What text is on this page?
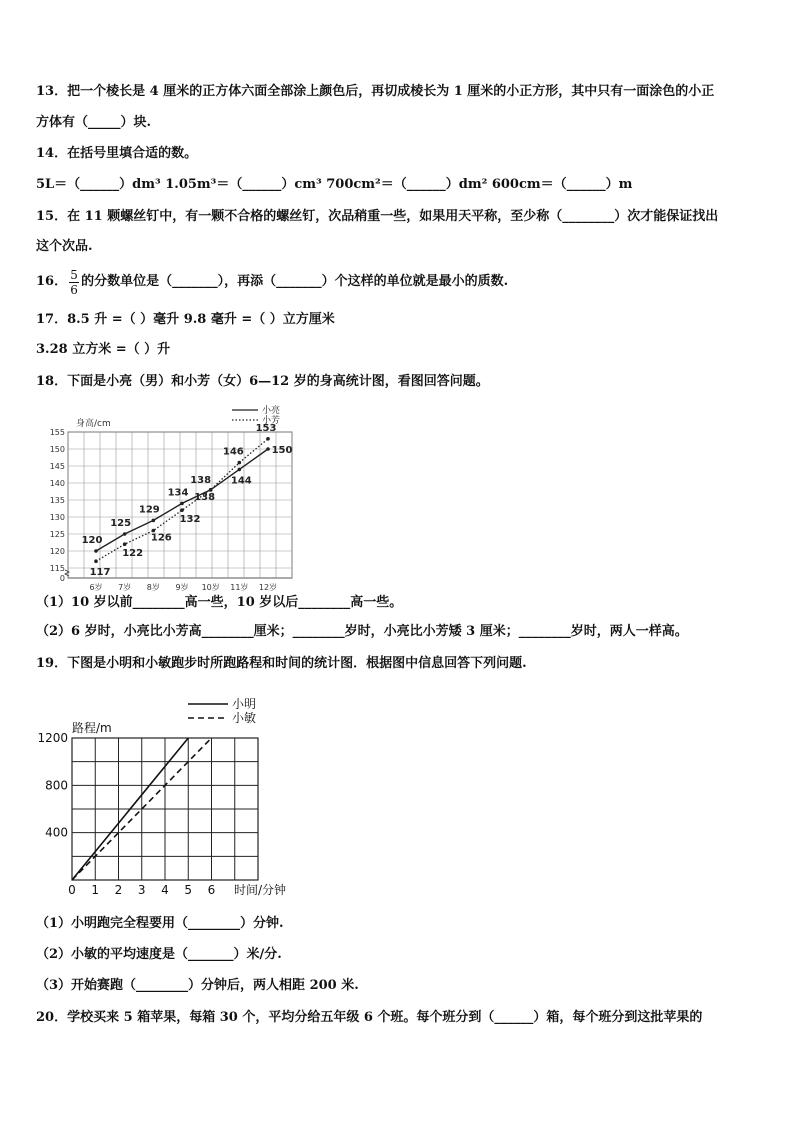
13．把一个棱长是 4 厘米的正方体六面全部涂上颜色后，再切成棱长为 1 厘米的小正方形，其中只有一面涂色的小正
方体有（_____）块.
14．在括号里填合适的数。
5L＝（______）dm³ 1.05m³＝（______）cm³ 700cm²＝（______）dm² 600cm＝（______）m
15．在 11 颗螺丝钉中，有一颗不合格的螺丝钉，次品稍重一些，如果用天平称，至少称（________）次才能保证找出
这个次品.
16． $\frac{5}{6}$ 的分数单位是（_______），再添（_______）个这样的单位就是最小的质数.
17．8.5 升 =（ ）毫升 9.8 毫升 =（ ）立方厘米
3.28 立方米 =（ ）升
18．下面是小亮（男）和小芳（女）6—12 岁的身高统计图，看图回答问题。
115
120
125
130
135
140
145
150
155
0
身高/cm
6岁 7岁 8岁 9岁 10岁 11岁 12岁
小亮
小芳
120
125
129
134
138 144
150
117
122
126
132
138
146
153
（1）10 岁以前________高一些，10 岁以后________高一些。
（2）6 岁时，小亮比小芳高________厘米；________岁时，小亮比小芳矮 3 厘米；________岁时，两人一样高。
19．下图是小明和小敏跑步时所跑路程和时间的统计图．根据图中信息回答下列问题.
0 1 2 3 4 5 6
400
800
1200
路程/m
时间/分钟
小明
小敏
（1）小明跑完全程要用（________）分钟.
（2）小敏的平均速度是（_______）米/分.
（3）开始赛跑（________）分钟后，两人相距 200 米.
20．学校买来 5 箱苹果，每箱 30 个，平均分给五年级 6 个班。每个班分到（______）箱，每个班分到这批苹果的
